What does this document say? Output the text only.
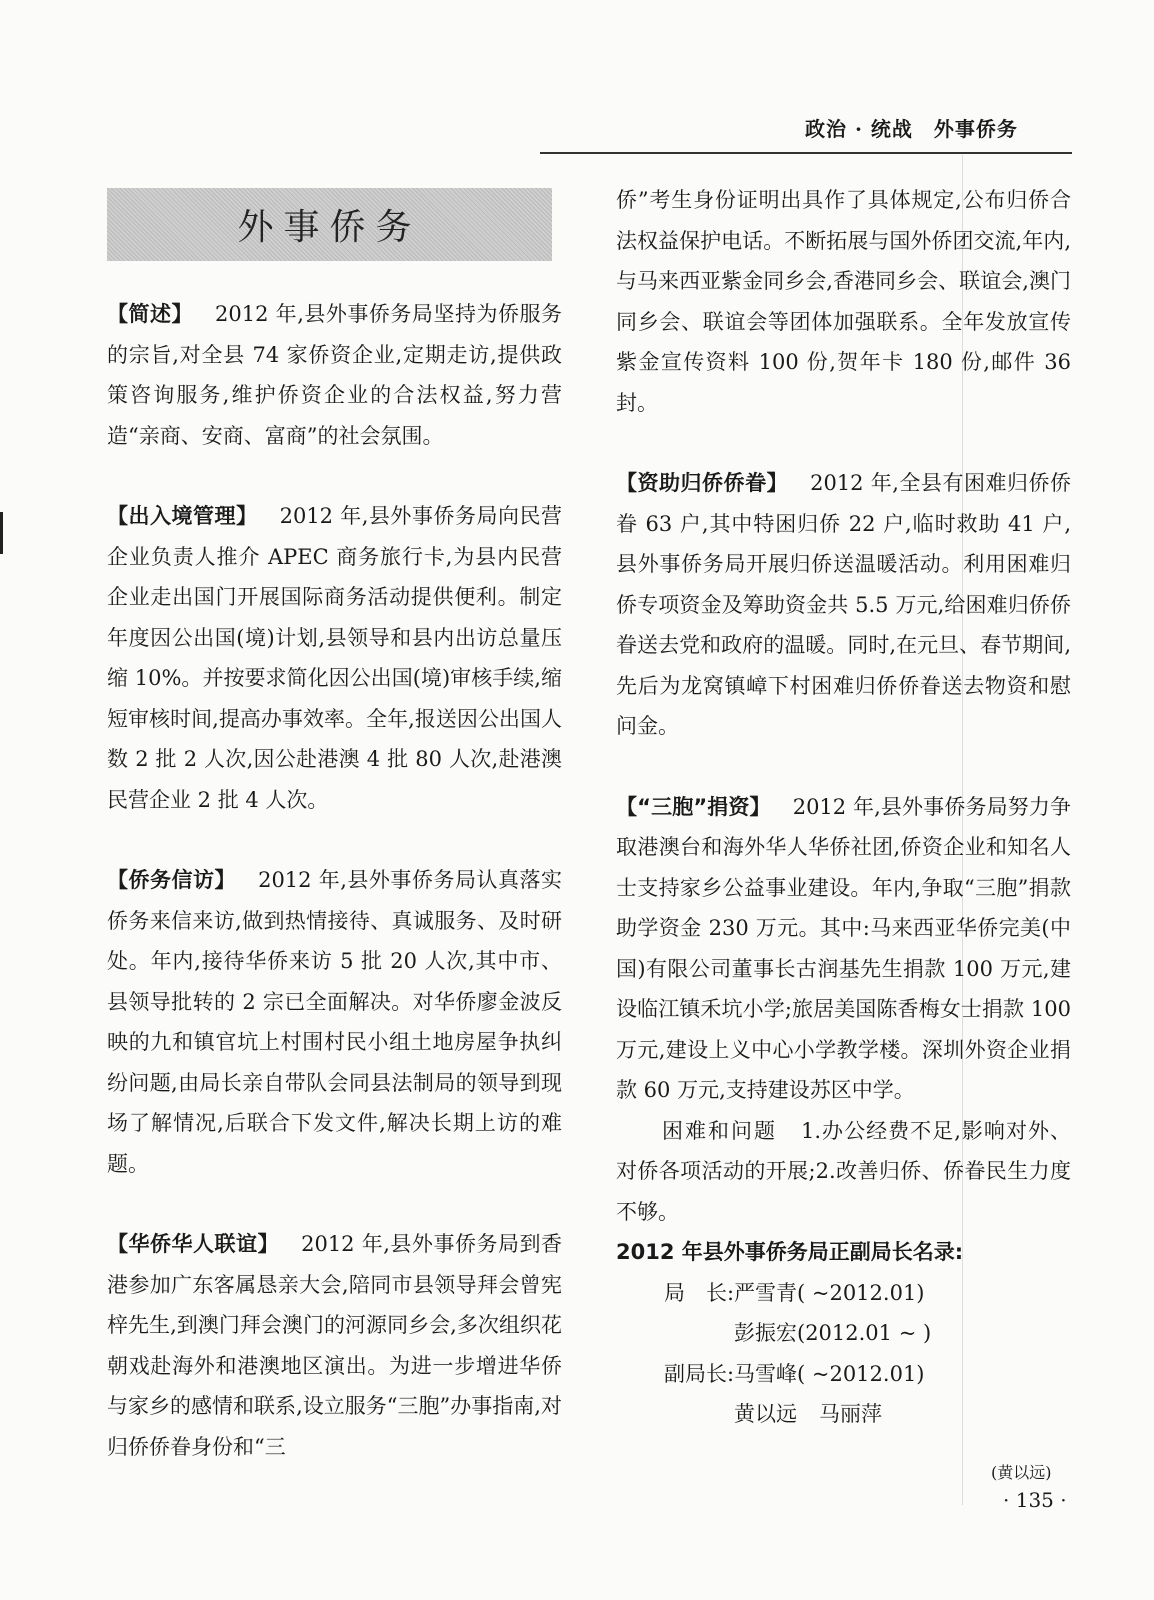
政治 · 统战　外事侨务
外事侨务

【简述】 2012 年,县外事侨务局坚持为侨服务的宗旨,对全县 74 家侨资企业,定期走访,提供政策咨询服务,维护侨资企业的合法权益,努力营造“亲商、安商、富商”的社会氛围。

【出入境管理】 2012 年,县外事侨务局向民营企业负责人推介 APEC 商务旅行卡,为县内民营企业走出国门开展国际商务活动提供便利。制定年度因公出国(境)计划,县领导和县内出访总量压缩 10%。并按要求简化因公出国(境)审核手续,缩短审核时间,提高办事效率。全年,报送因公出国人数 2 批 2 人次,因公赴港澳 4 批 80 人次,赴港澳民营企业 2 批 4 人次。

【侨务信访】 2012 年,县外事侨务局认真落实侨务来信来访,做到热情接待、真诚服务、及时研处。年内,接待华侨来访 5 批 20 人次,其中市、县领导批转的 2 宗已全面解决。对华侨廖金波反映的九和镇官坑上村围村民小组土地房屋争执纠纷问题,由局长亲自带队会同县法制局的领导到现场了解情况,后联合下发文件,解决长期上访的难题。

【华侨华人联谊】 2012 年,县外事侨务局到香港参加广东客属恳亲大会,陪同市县领导拜会曾宪梓先生,到澳门拜会澳门的河源同乡会,多次组织花朝戏赴海外和港澳地区演出。为进一步增进华侨与家乡的感情和联系,设立服务“三胞”办事指南,对归侨侨眷身份和“三

侨”考生身份证明出具作了具体规定,公布归侨合法权益保护电话。不断拓展与国外侨团交流,年内,与马来西亚紫金同乡会,香港同乡会、联谊会,澳门同乡会、联谊会等团体加强联系。全年发放宣传紫金宣传资料 100 份,贺年卡 180 份,邮件 36 封。

【资助归侨侨眷】 2012 年,全县有困难归侨侨眷 63 户,其中特困归侨 22 户,临时救助 41 户,县外事侨务局开展归侨送温暖活动。利用困难归侨专项资金及筹助资金共 5.5 万元,给困难归侨侨眷送去党和政府的温暖。同时,在元旦、春节期间,先后为龙窝镇嶂下村困难归侨侨眷送去物资和慰问金。

【“三胞”捐资】 2012 年,县外事侨务局努力争取港澳台和海外华人华侨社团,侨资企业和知名人士支持家乡公益事业建设。年内,争取“三胞”捐款助学资金 230 万元。其中:马来西亚华侨完美(中国)有限公司董事长古润基先生捐款 100 万元,建设临江镇禾坑小学;旅居美国陈香梅女士捐款 100 万元,建设上义中心小学教学楼。深圳外资企业捐款 60 万元,支持建设苏区中学。

困难和问题 1.办公经费不足,影响对外、对侨各项活动的开展;2.改善归侨、侨眷民生力度不够。

2012 年县外事侨务局正副局长名录:

局　长:严雪青( ~2012.01)

彭振宏(2012.01 ~ )

副局长:马雪峰( ~2012.01)

黄以远 马丽萍

(黄以远)
· 135 ·
